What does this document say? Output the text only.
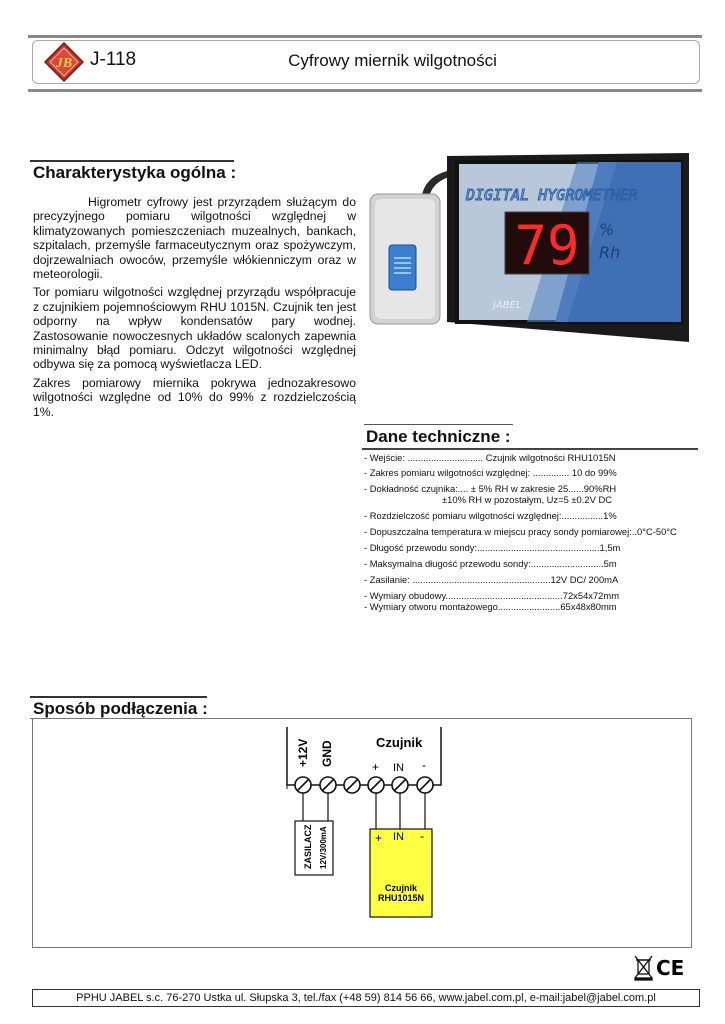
JB J-118	Cyfrowy miernik wilgotności
Charakterystyka ogólna :

Higrometr cyfrowy jest przyrządem służącym do precyzyjnego pomiaru wilgotności względnej w klimatyzowanych pomieszczeniach muzealnych, bankach, szpitalach, przemyśle farmaceutycznym oraz spożywczym, dojrzewalniach owoców, przemyśle włókienniczym oraz w meteorologii.

Tor pomiaru wilgotności względnej przyrządu współpracuje z czujnikiem pojemnościowym RHU 1015N. Czujnik ten jest odporny na wpływ kondensatów pary wodnej. Zastosowanie nowoczesnych układów scalonych zapewnia minimalny błąd pomiaru. Odczyt wilgotności względnej odbywa się za pomocą wyświetlacza LED.

Zakres pomiarowy miernika pokrywa jednozakresowo wilgotności względne od 10% do 99% z rozdzielczością 1%.

DIGITAL HYGROMETHER
79 %
Rh
JABEL
Dane techniczne :
- Wejście: ............................. Czujnik wilgotności RHU1015N
- Zakres pomiaru wilgotności względnej: .............. 10 do 99%
- Dokładność czujnika:.... ± 5% RH w zakresie 25......90%RH
±10% RH w pozostałym, Uz=5 ±0.2V DC
- Rozdzielczość pomiaru wilgotności względnej:................1%
- Dopuszczalna temperatura w miejscu pracy sondy pomiarowej:..0°C-50°C
- Długość przewodu sondy:...............................................1,5m
- Maksymalna długość przewodu sondy:............................5m
- Zasilanie: .....................................................12V DC/ 200mA
- Wymiary obudowy.............................................72x54x72mm
- Wymiary otworu montażowego........................65x48x80mm
Sposób podłączenia :
+12V GND	Czujnik
+ IN -
ZASILACZ 12V/300mA	+ IN -
Czujnik
RHU1015N
CE
PPHU JABEL s.c. 76-270 Ustka ul. Słupska 3, tel./fax (+48 59) 814 56 66, www.jabel.com.pl, e-mail:jabel@jabel.com.pl
